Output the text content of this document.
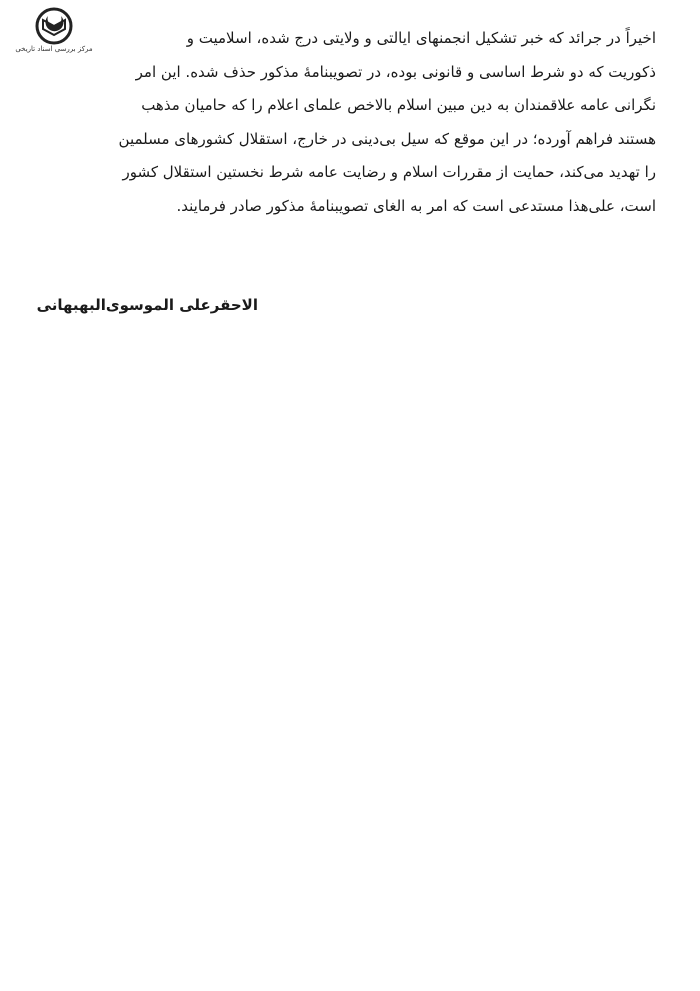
مرکز بررسی اسناد تاریخی

اخیراً در جرائد که خبر تشکیل انجمنهای ایالتی و ولایتی درج شده، اسلامیت و
ذکوریت که دو شرط اساسی و قانونی بوده، در تصویبنامهٔ مذکور حذف شده. این امر
نگرانی عامه علاقمندان به دین مبین اسلام بالاخص علمای اعلام را که حامیان مذهب
هستند فراهم آورده؛ در این موقع که سیل بی‌دینی در خارج، استقلال کشورهای مسلمین
را تهدید می‌کند، حمایت از مقررات اسلام و رضایت عامه شرط نخستین استقلال کشور
است، علی‌هذا مستدعی است که امر به الغای تصویبنامهٔ مذکور صادر فرمایند.

الاحقرعلی الموسوی‌البهبهانی
